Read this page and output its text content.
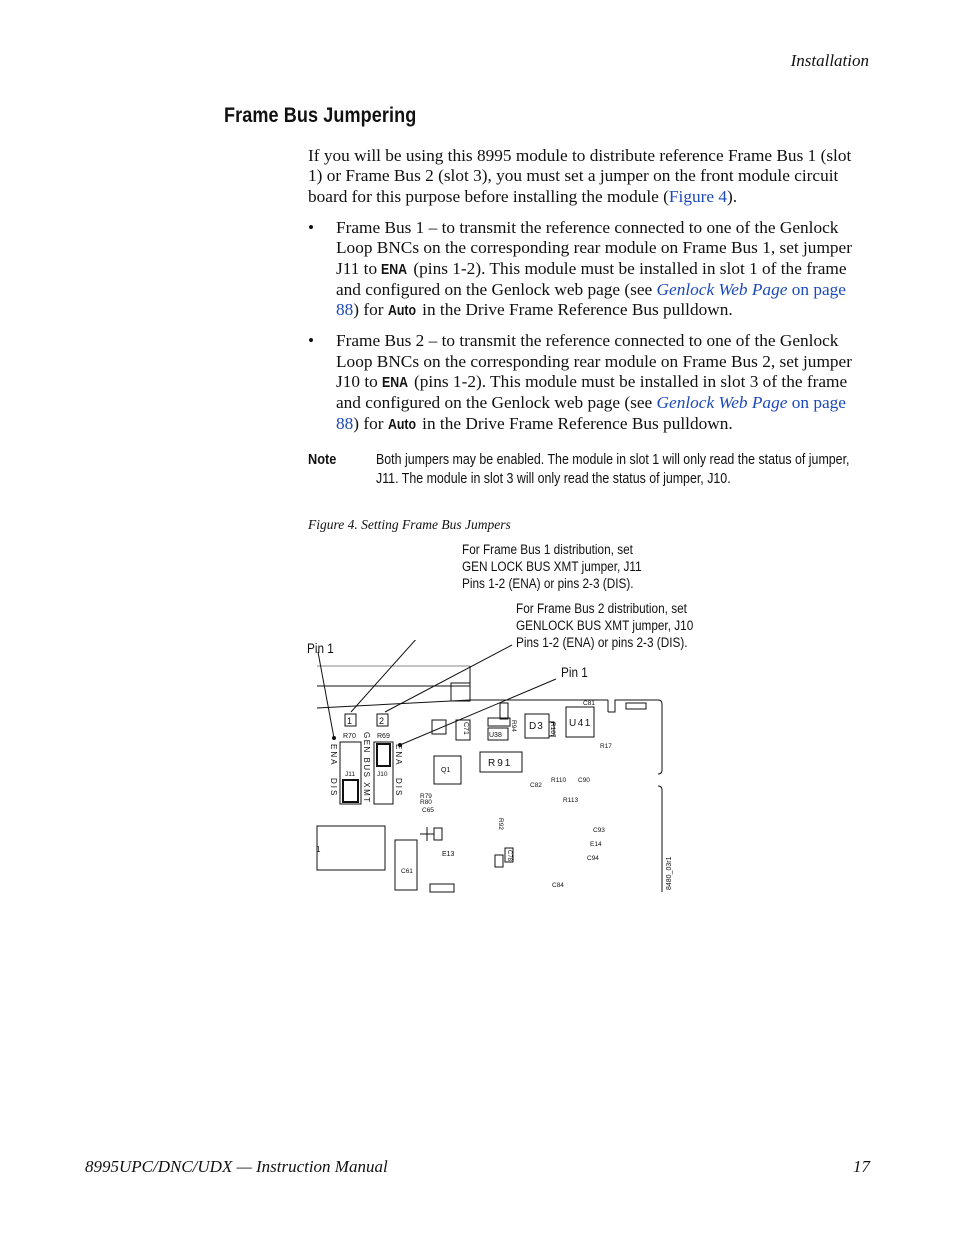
Installation
Frame Bus Jumpering

If you will be using this 8995 module to distribute reference Frame Bus 1 (slot 1) or Frame Bus 2 (slot 3), you must set a jumper on the front module circuit board for this purpose before installing the module (Figure 4).

• Frame Bus 1 – to transmit the reference connected to one of the Genlock Loop BNCs on the corresponding rear module on Frame Bus 1, set jumper J11 to ENA (pins 1-2). This module must be installed in slot 1 of the frame and configured on the Genlock web page (see Genlock Web Page on page 88) for Auto in the Drive Frame Reference Bus pulldown.
• Frame Bus 2 – to transmit the reference connected to one of the Genlock Loop BNCs on the corresponding rear module on Frame Bus 2, set jumper J10 to ENA (pins 1-2). This module must be installed in slot 3 of the frame and configured on the Genlock web page (see Genlock Web Page on page 88) for Auto in the Drive Frame Reference Bus pulldown.
Note	Both jumpers may be enabled. The module in slot 1 will only read the status of jumper, J11. The module in slot 3 will only read the status of jumper, J10.
Figure 4. Setting Frame Bus Jumpers
For Frame Bus 1 distribution, set
GEN LOCK BUS XMT jumper, J11
Pins 1-2 (ENA) or pins 2-3 (DIS).
For Frame Bus 2 distribution, set
GENLOCK BUS XMT jumper, J10
Pins 1-2 (ENA) or pins 2-3 (DIS).
Pin 1
Pin 1
1	2
R70	R69
J11	J10
ENA
DIS	GEN BUS XMT	ENA
DIS
Q1
R91
D3	U41
U38
C71	R94	R107
C81
C82
R110 C90
R113
R79
R80
C65
R92
E13
C61
C93
E14
C94
C84
C78
R17
1
8480_03r1
8995UPC/DNC/UDX — Instruction Manual	17
